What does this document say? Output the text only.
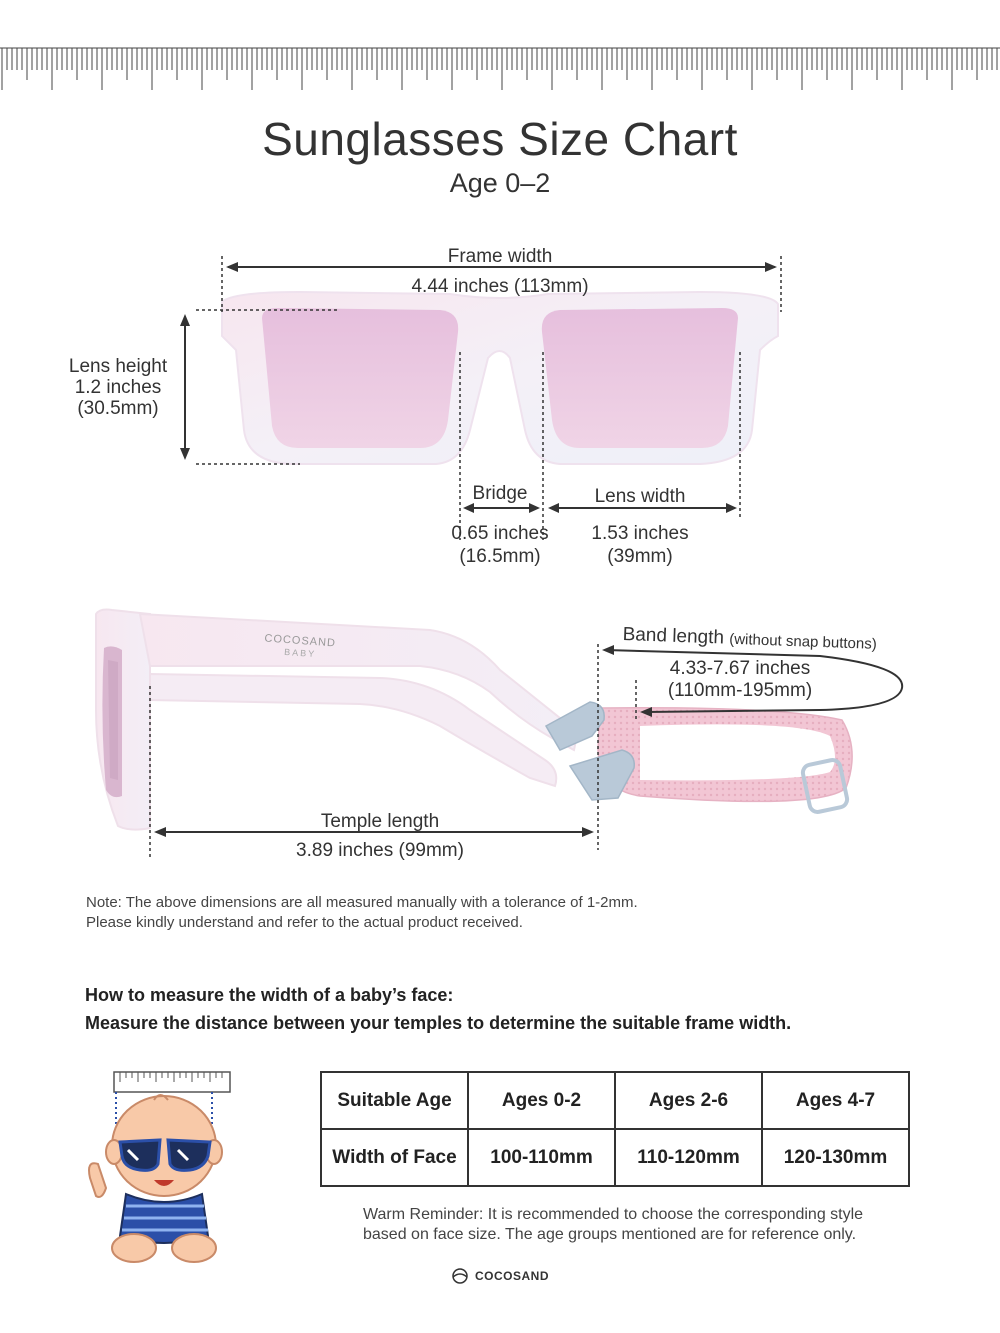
Sunglasses Size Chart
Age 0–2
Frame width
4.44 inches (113mm)
Lens height
1.2 inches
(30.5mm)
Bridge
0.65 inches
(16.5mm)
Lens width
1.53 inches
(39mm)
COCOSAND
BABY
Band length (without snap buttons)
4.33-7.67 inches
(110mm-195mm)
Temple length
3.89 inches (99mm)
Note: The above dimensions are all measured manually with a tolerance of 1-2mm.
Please kindly understand and refer to the actual product received.
How to measure the width of a baby’s face:
Measure the distance between your temples to determine the suitable frame width.
Suitable Age	Ages 0-2	Ages 2-6	Ages 4-7
Width of Face	100-110mm	110-120mm	120-130mm
Warm Reminder: It is recommended to choose the corresponding style
based on face size. The age groups mentioned are for reference only.
COCOSAND
